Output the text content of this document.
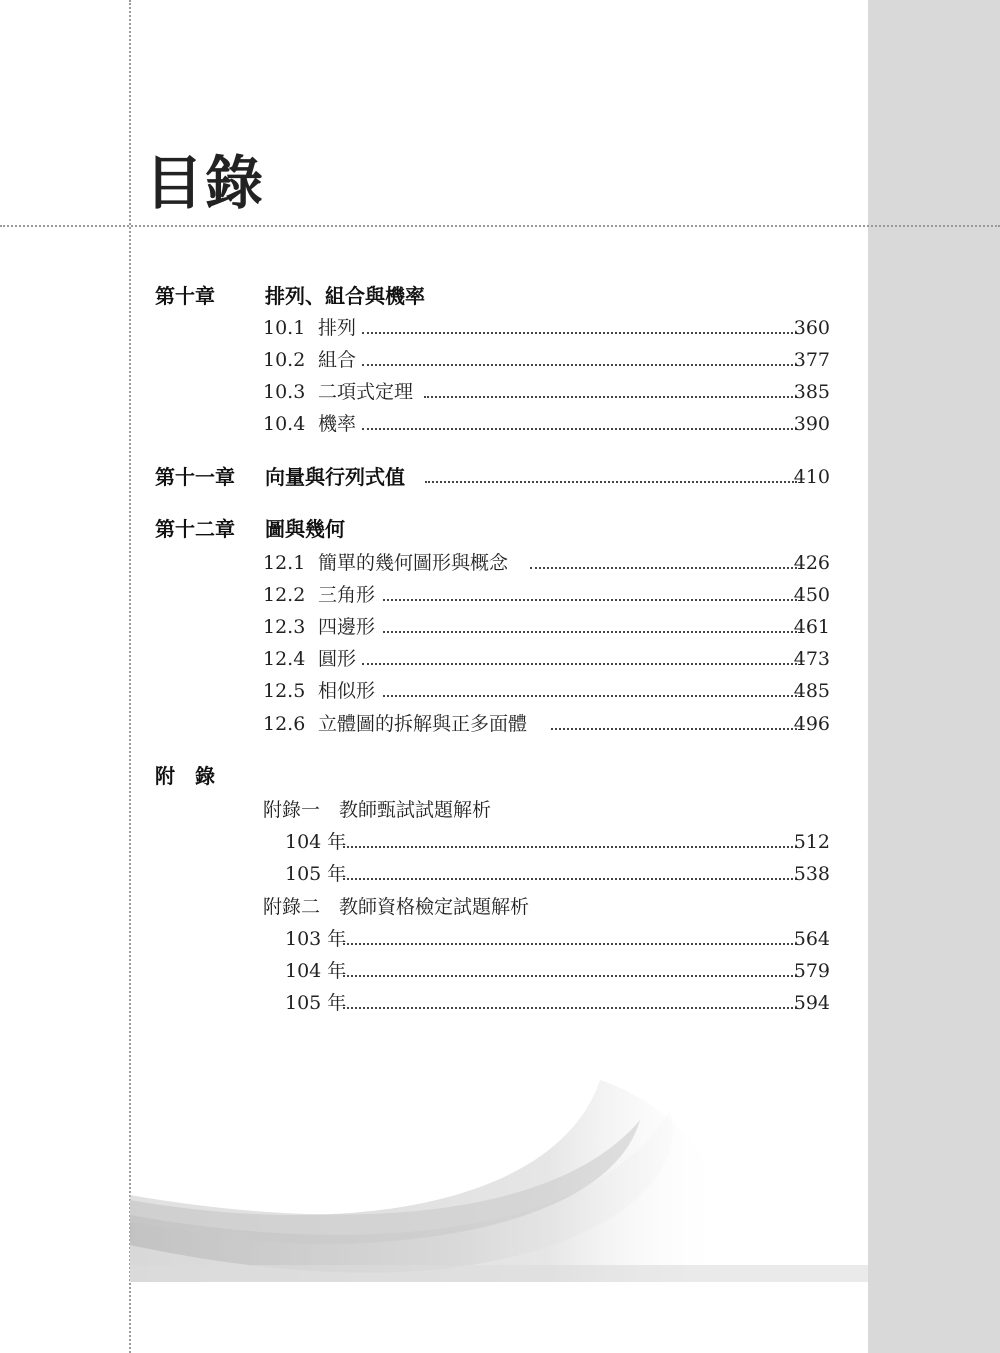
目錄
第十章	排列、組合與機率
10.1 排列	360
10.2 組合	377
10.3 二項式定理	385
10.4 機率	390
第十一章 向量與行列式值	410
第十二章 圖與幾何
12.1 簡單的幾何圖形與概念	426
12.2 三角形	450
12.3 四邊形	461
12.4 圓形	473
12.5 相似形	485
12.6 立體圖的拆解與正多面體	496
附　錄
附錄一　教師甄試試題解析
104 年	512
105 年	538
附錄二　教師資格檢定試題解析
103 年	564
104 年	579
105 年	594
